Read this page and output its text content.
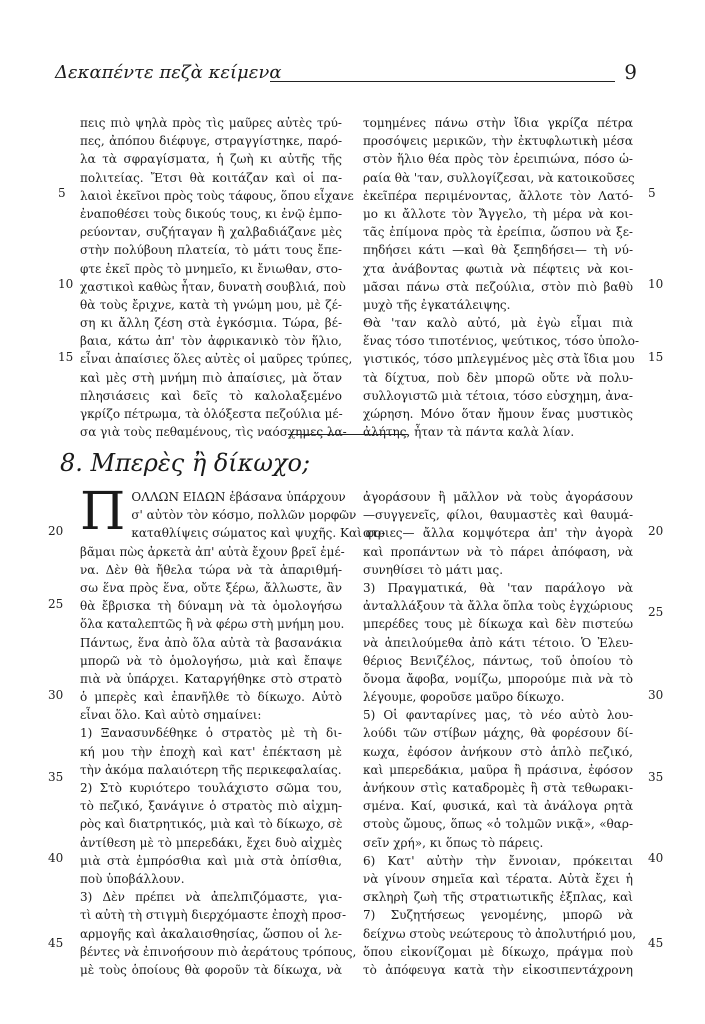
Δεκαπέντε πεζὰ κείμενα	9
πεις πιὸ ψηλὰ πρὸς τὶς μαῦρες αὐτὲς τρύ-
πες, ἀπόπου διέφυγε, στραγγίστηκε, παρό-
λα τὰ σφραγίσματα, ἡ ζωὴ κι αὐτῆς τῆς
πολιτείας. Ἔτσι θὰ κοιτάζαν καὶ οἱ πα-
λαιοὶ ἐκεῖνοι πρὸς τοὺς τάφους, ὅπου εἶχανε
ἐναποθέσει τοὺς δικούς τους, κι ἐνῷ ἐμπο-
ρεύονταν, συζήταγαν ἢ χαλβαδιάζανε μὲς
στὴν πολύβουη πλατεία, τὸ μάτι τους ἔπε-
φτε ἐκεῖ πρὸς τὸ μνημεῖο, κι ἔνιωθαν, στο-
χαστικοὶ καθὼς ἦταν, δυνατὴ σουβλιά, ποὺ
θὰ τοὺς ἔριχνε, κατὰ τὴ γνώμη μου, μὲ ζέ-
ση κι ἄλλη ζέση στὰ ἐγκόσμια. Τώρα, βέ-
βαια, κάτω ἀπ' τὸν ἀφρικανικὸ τὸν ἥλιο,
εἶναι ἀπαίσιες ὅλες αὐτὲς οἱ μαῦρες τρύπες,
καὶ μὲς στὴ μνήμη πιὸ ἀπαίσιες, μὰ ὅταν
πλησιάσεις καὶ δεῖς τὸ καλολαξεμένο
γκρίζο πέτρωμα, τὰ ὁλόξεστα πεζούλια μέ-
σα γιὰ τοὺς πεθαμένους, τὶς ναόσχημες λα-
τομημένες πάνω στὴν ἴδια γκρίζα πέτρα
προσόψεις μερικῶν, τὴν ἐκτυφλωτικὴ μέσα
στὸν ἥλιο θέα πρὸς τὸν ἐρειπιώνα, πόσο ὡ-
ραία θὰ 'ταν, συλλογίζεσαι, νὰ κατοικοῦσες
ἐκεῖπέρα περιμένοντας, ἄλλοτε τὸν Λατό-
μο κι ἄλλοτε τὸν Ἄγγελο, τὴ μέρα νὰ κοι-
τᾶς ἐπίμονα πρὸς τὰ ἐρείπια, ὥσπου νὰ ξε-
πηδήσει κάτι —καὶ θὰ ξεπηδήσει— τὴ νύ-
χτα ἀνάβοντας φωτιὰ νὰ πέφτεις νὰ κοι-
μᾶσαι πάνω στὰ πεζούλια, στὸν πιὸ βαθὺ
μυχὸ τῆς ἐγκατάλειψης.
Θὰ 'ταν καλὸ αὐτό, μὰ ἐγὼ εἶμαι πιὰ
ἕνας τόσο τιποτένιος, ψεύτικος, τόσο ὑπολο-
γιστικός, τόσο μπλεγμένος μὲς στὰ ἴδια μου
τὰ δίχτυα, ποὺ δὲν μπορῶ οὔτε νὰ πολυ-
συλλογιστῶ μιὰ τέτοια, τόσο εὐσχημη, ἀνα-
χώρηση. Μόνο ὅταν ἤμουν ἕνας μυστικὸς
ἀλήτης, ἦταν τὰ πάντα καλὰ λίαν.
8. Μπερὲς ἢ δίκωχο;
Π ΟΛΛΩΝ ΕΙΔΩΝ ἐβάσανα ὑπάρχουν
σ' αὐτὸν τὸν κόσμο, πολλῶν μορφῶν
καταθλίψεις σώματος καὶ ψυχῆς. Καὶ φο-
βᾶμαι πὼς ἀρκετὰ ἀπ' αὐτὰ ἔχουν βρεῖ ἐμέ-
να. Δὲν θὰ ἤθελα τώρα νὰ τὰ ἀπαριθμή-
σω ἕνα πρὸς ἕνα, οὔτε ξέρω, ἄλλωστε, ἂν
θὰ ἔβρισκα τὴ δύναμη νὰ τὰ ὁμολογήσω
ὅλα καταλεπτῶς ἢ νὰ φέρω στὴ μνήμη μου.
Πάντως, ἕνα ἀπὸ ὅλα αὐτὰ τὰ βασανάκια
μπορῶ νὰ τὸ ὁμολογήσω, μιὰ καὶ ἔπαψε
πιὰ νὰ ὑπάρχει. Καταργήθηκε στὸ στρατὸ
ὁ μπερὲς καὶ ἐπανῆλθε τὸ δίκωχο. Αὐτὸ
εἶναι ὅλο. Καὶ αὐτὸ σημαίνει:
1) Ξανασυνδέθηκε ὁ στρατὸς μὲ τὴ δι-
κή μου τὴν ἐποχὴ καὶ κατ' ἐπέκταση μὲ
τὴν ἀκόμα παλαιότερη τῆς περικεφαλαίας.
2) Στὸ κυριότερο τουλάχιστο σῶμα του,
τὸ πεζικό, ξανάγινε ὁ στρατὸς πιὸ αἰχμη-
ρὸς καὶ διατρητικός, μιὰ καὶ τὸ δίκωχο, σὲ
ἀντίθεση μὲ τὸ μπερεδάκι, ἔχει δυὸ αἰχμὲς
μιὰ στὰ ἐμπρόσθια καὶ μιὰ στὰ ὀπίσθια,
ποὺ ὑποβάλλουν.
3) Δὲν πρέπει νὰ ἀπελπιζόμαστε, για-
τὶ αὐτὴ τὴ στιγμὴ διερχόμαστε ἐποχὴ προσ-
αρμογῆς καὶ ἀκαλαισθησίας, ὥσπου οἱ λε-
βέντες νὰ ἐπινοήσουν πιὸ ἀεράτους τρόπους,
μὲ τοὺς ὁποίους θὰ φοροῦν τὰ δίκωχα, νὰ
ἀγοράσουν ἢ μᾶλλον νὰ τοὺς ἀγοράσουν
—συγγενεῖς, φίλοι, θαυμαστὲς καὶ θαυμά-
στριες— ἄλλα κομψότερα ἀπ' τὴν ἀγορὰ
καὶ προπάντων νὰ τὸ πάρει ἀπόφαση, νὰ
συνηθίσει τὸ μάτι μας.
3) Πραγματικά, θὰ 'ταν παράλογο νὰ
ἀνταλλάξουν τὰ ἄλλα ὅπλα τοὺς ἐγχώριους
μπερέδες τους μὲ δίκωχα καὶ δὲν πιστεύω
νὰ ἀπειλούμεθα ἀπὸ κάτι τέτοιο. Ὁ Ἐλευ-
θέριος Βενιζέλος, πάντως, τοῦ ὁποίου τὸ
ὄνομα ἄφοβα, νομίζω, μπορούμε πιὰ νὰ τὸ
λέγουμε, φοροῦσε μαῦρο δίκωχο.
5) Οἱ φανταρίνες μας, τὸ νέο αὐτὸ λου-
λούδι τῶν στίβων μάχης, θὰ φορέσουν δί-
κωχα, ἐφόσον ἀνήκουν στὸ ἁπλὸ πεζικό,
καὶ μπερεδάκια, μαῦρα ἢ πράσινα, ἐφόσον
ἀνήκουν στὶς καταδρομὲς ἢ στὰ τεθωρακι-
σμένα. Καί, φυσικά, καὶ τὰ ἀνάλογα ρητὰ
στοὺς ὤμους, ὅπως «ὁ τολμῶν νικᾷ», «θαρ-
σεῖν χρή», κι ὅπως τὸ πάρεις.
6) Κατ' αὐτὴν τὴν ἔννοιαν, πρόκειται
νὰ γίνουν σημεῖα καὶ τέρατα. Αὐτὰ ἔχει ἡ
σκληρὴ ζωὴ τῆς στρατιωτικῆς ἐξπλας, καὶ
7) Συζητήσεως γενομένης, μπορῶ νὰ
δείχνω στοὺς νεώτερους τὸ ἀπολυτήριό μου,
ὅπου εἰκονίζομαι μὲ δίκωχο, πράγμα ποὺ
τὸ ἀπόφευγα κατὰ τὴν εἰκοσιπεντάχρονη
5
10
15
5
10
15
20
25
30
35
40
45
20
25
30
35
40
45
